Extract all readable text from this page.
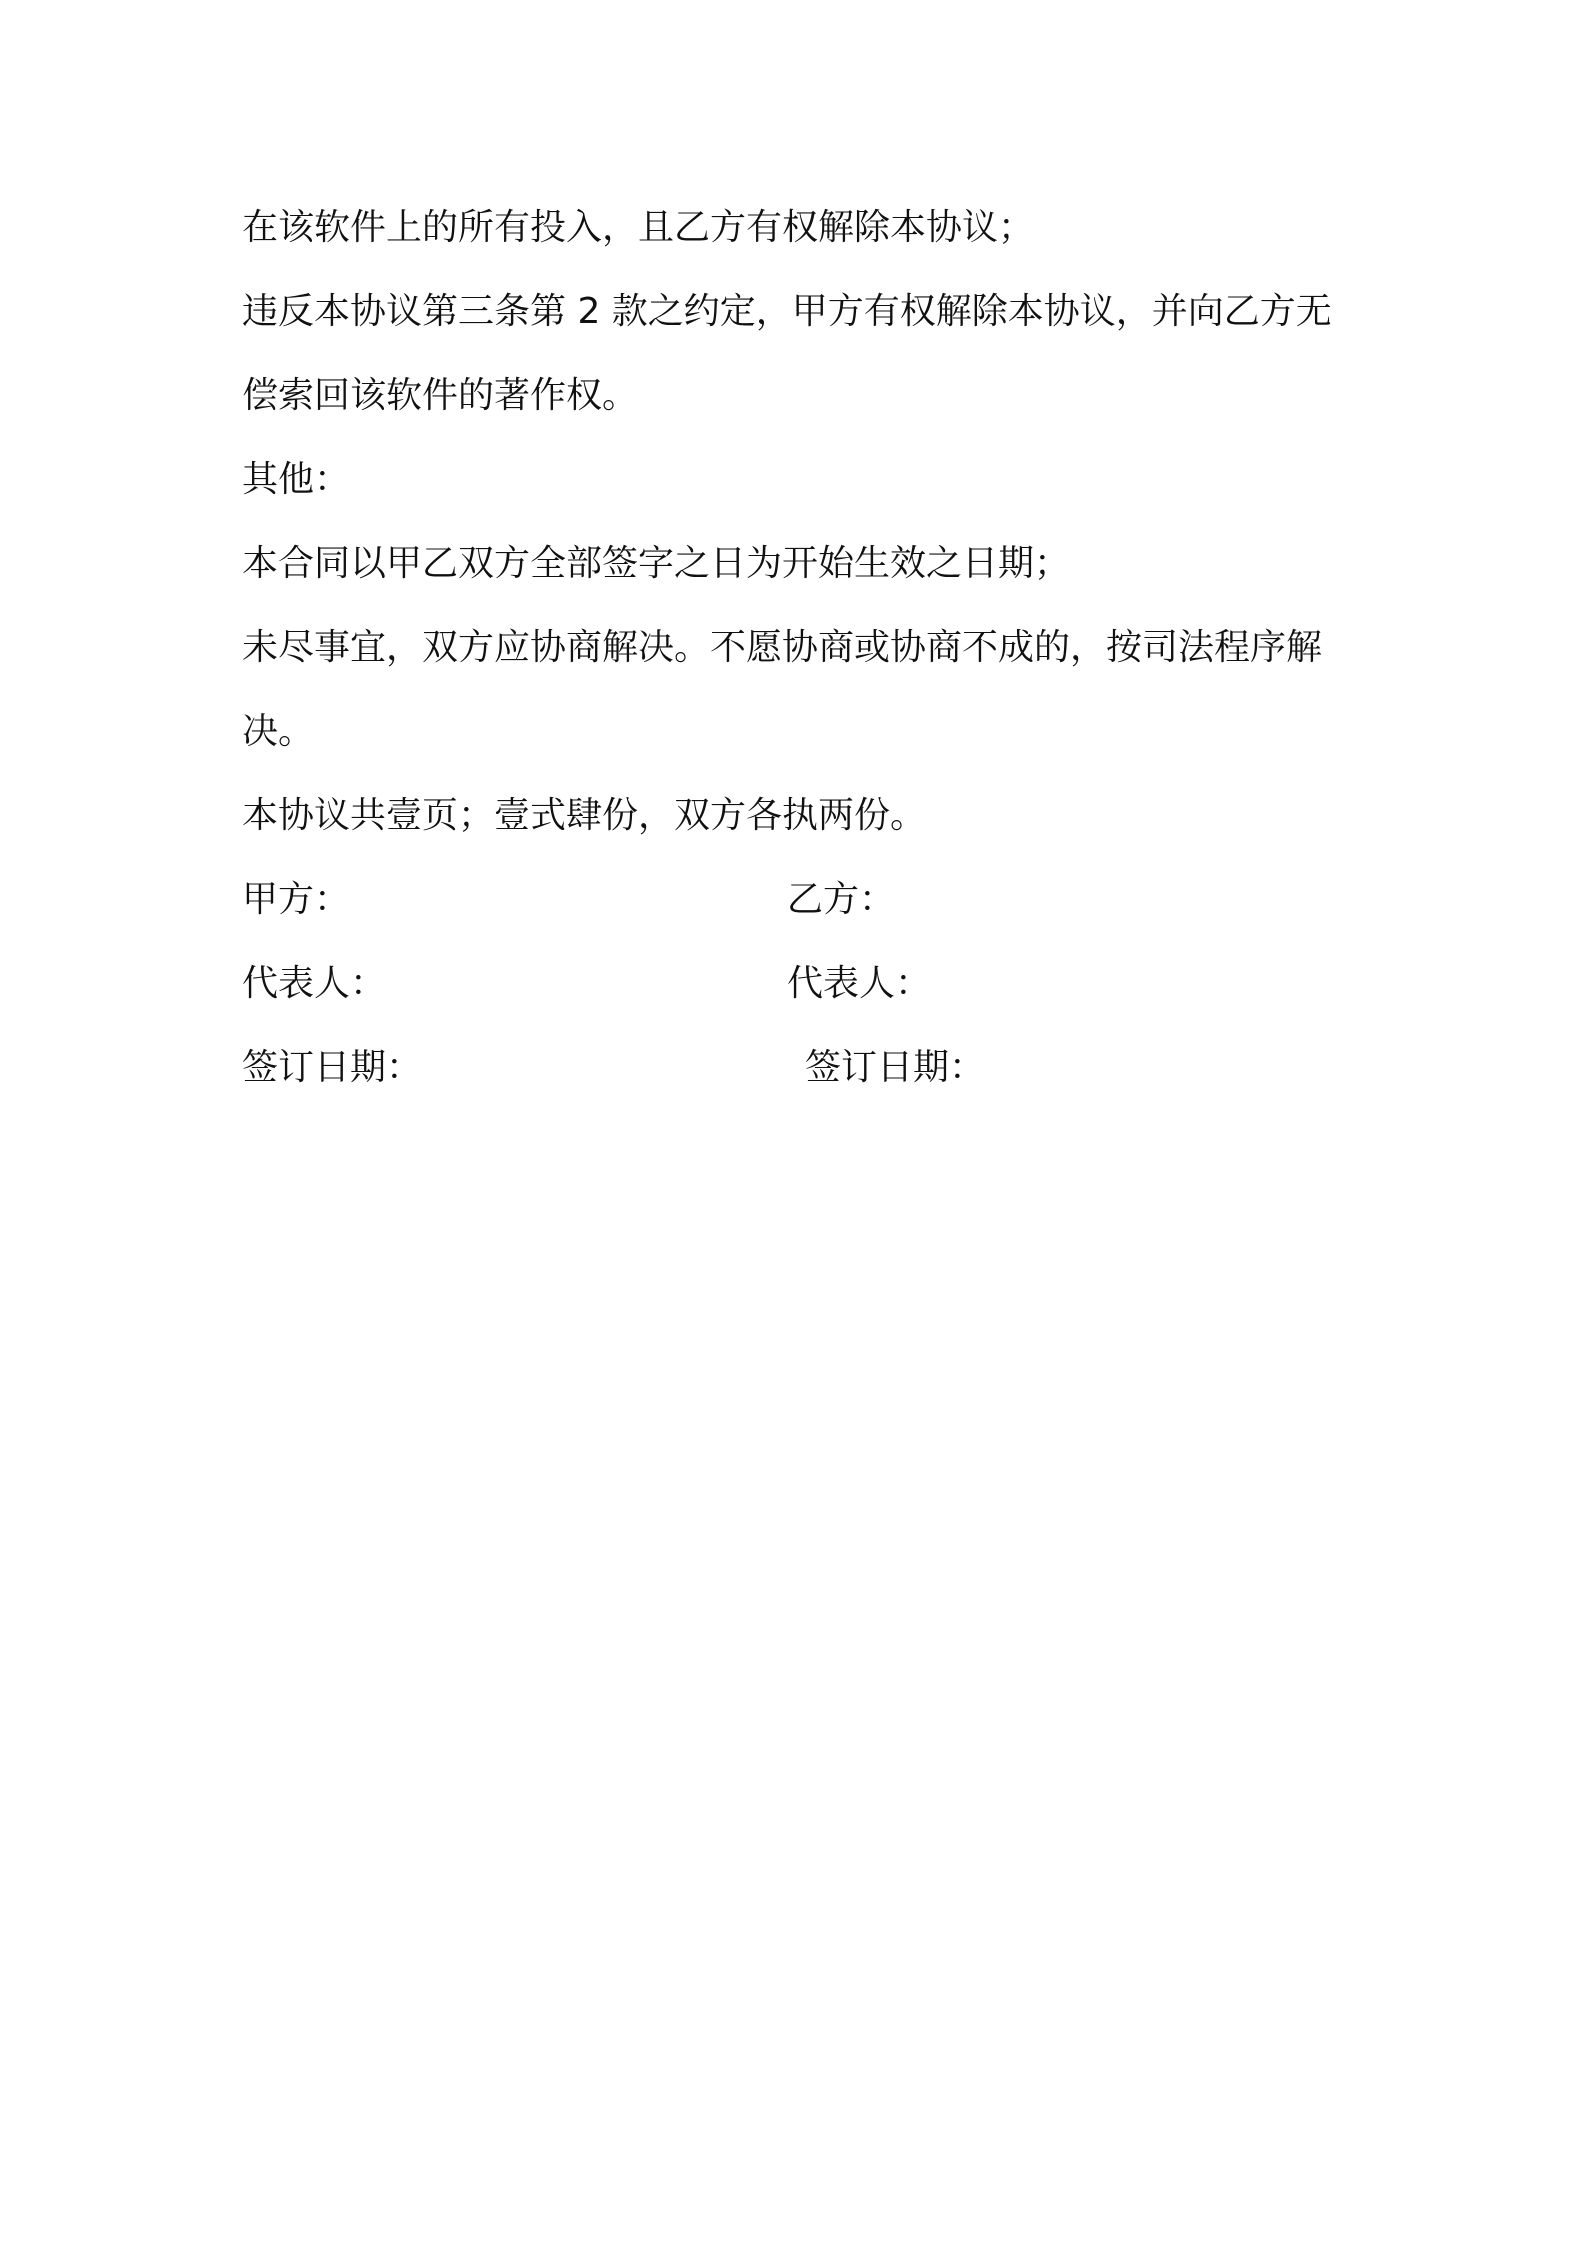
在该软件上的所有投入，且乙方有权解除本协议；
违反本协议第三条第 2 款之约定，甲方有权解除本协议，并向乙方无
偿索回该软件的著作权。
其他：
本合同以甲乙双方全部签字之日为开始生效之日期；
未尽事宜，双方应协商解决。不愿协商或协商不成的，按司法程序解
决。
本协议共壹页；壹式肆份，双方各执两份。
甲方：	乙方：
代表人：	代表人：
签订日期：	签订日期：
